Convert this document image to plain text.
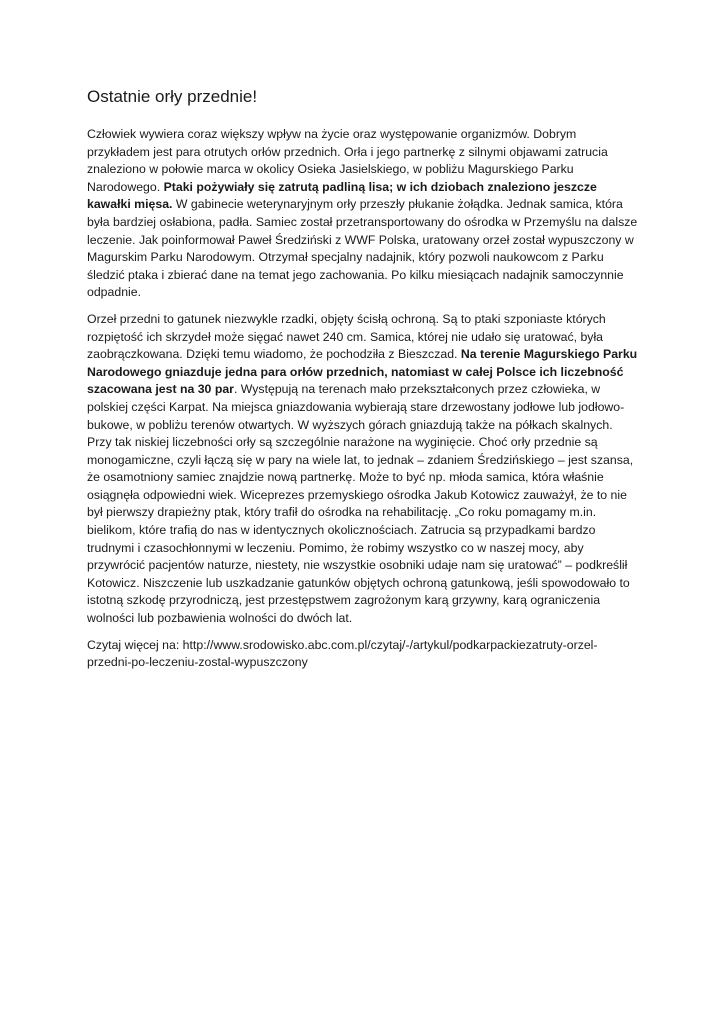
Ostatnie orły przednie!

Człowiek wywiera coraz większy wpływ na życie oraz występowanie organizmów. Dobrym przykładem jest para otrutych orłów przednich. Orła i jego partnerkę z silnymi objawami zatrucia znaleziono w połowie marca w okolicy Osieka Jasielskiego, w pobliżu Magurskiego Parku Narodowego. Ptaki pożywiały się zatrutą padliną lisa; w ich dziobach znaleziono jeszcze kawałki mięsa. W gabinecie weterynaryjnym orły przeszły płukanie żołądka. Jednak samica, która była bardziej osłabiona, padła. Samiec został przetransportowany do ośrodka w Przemyślu na dalsze leczenie. Jak poinformował Paweł Średziński z WWF Polska, uratowany orzeł został wypuszczony w Magurskim Parku Narodowym. Otrzymał specjalny nadajnik, który pozwoli naukowcom z Parku śledzić ptaka i zbierać dane na temat jego zachowania. Po kilku miesiącach nadajnik samoczynnie odpadnie.

Orzeł przedni to gatunek niezwykle rzadki, objęty ścisłą ochroną. Są to ptaki szponiaste których rozpiętość ich skrzydeł może sięgać nawet 240 cm. Samica, której nie udało się uratować, była zaobrączkowana. Dzięki temu wiadomo, że pochodziła z Bieszczad. Na terenie Magurskiego Parku Narodowego gniazduje jedna para orłów przednich, natomiast w całej Polsce ich liczebność szacowana jest na 30 par. Występują na terenach mało przekształconych przez człowieka, w polskiej części Karpat. Na miejsca gniazdowania wybierają stare drzewostany jodłowe lub jodłowo-bukowe, w pobliżu terenów otwartych. W wyższych górach gniazdują także na półkach skalnych. Przy tak niskiej liczebności orły są szczególnie narażone na wyginięcie. Choć orły przednie są monogamiczne, czyli łączą się w pary na wiele lat, to jednak – zdaniem Średzińskiego – jest szansa, że osamotniony samiec znajdzie nową partnerkę. Może to być np. młoda samica, która właśnie osiągnęła odpowiedni wiek. Wiceprezes przemyskiego ośrodka Jakub Kotowicz zauważył, że to nie był pierwszy drapieżny ptak, który trafił do ośrodka na rehabilitację. „Co roku pomagamy m.in. bielikom, które trafią do nas w identycznych okolicznościach. Zatrucia są przypadkami bardzo trudnymi i czasochłonnymi w leczeniu. Pomimo, że robimy wszystko co w naszej mocy, aby przywrócić pacjentów naturze, niestety, nie wszystkie osobniki udaje nam się uratować” – podkreślił Kotowicz. Niszczenie lub uszkadzanie gatunków objętych ochroną gatunkową, jeśli spowodowało to istotną szkodę przyrodniczą, jest przestępstwem zagrożonym karą grzywny, karą ograniczenia wolności lub pozbawienia wolności do dwóch lat.

Czytaj więcej na: http://www.srodowisko.abc.com.pl/czytaj/-/artykul/podkarpackiezatruty-orzel-przedni-po-leczeniu-zostal-wypuszczony
